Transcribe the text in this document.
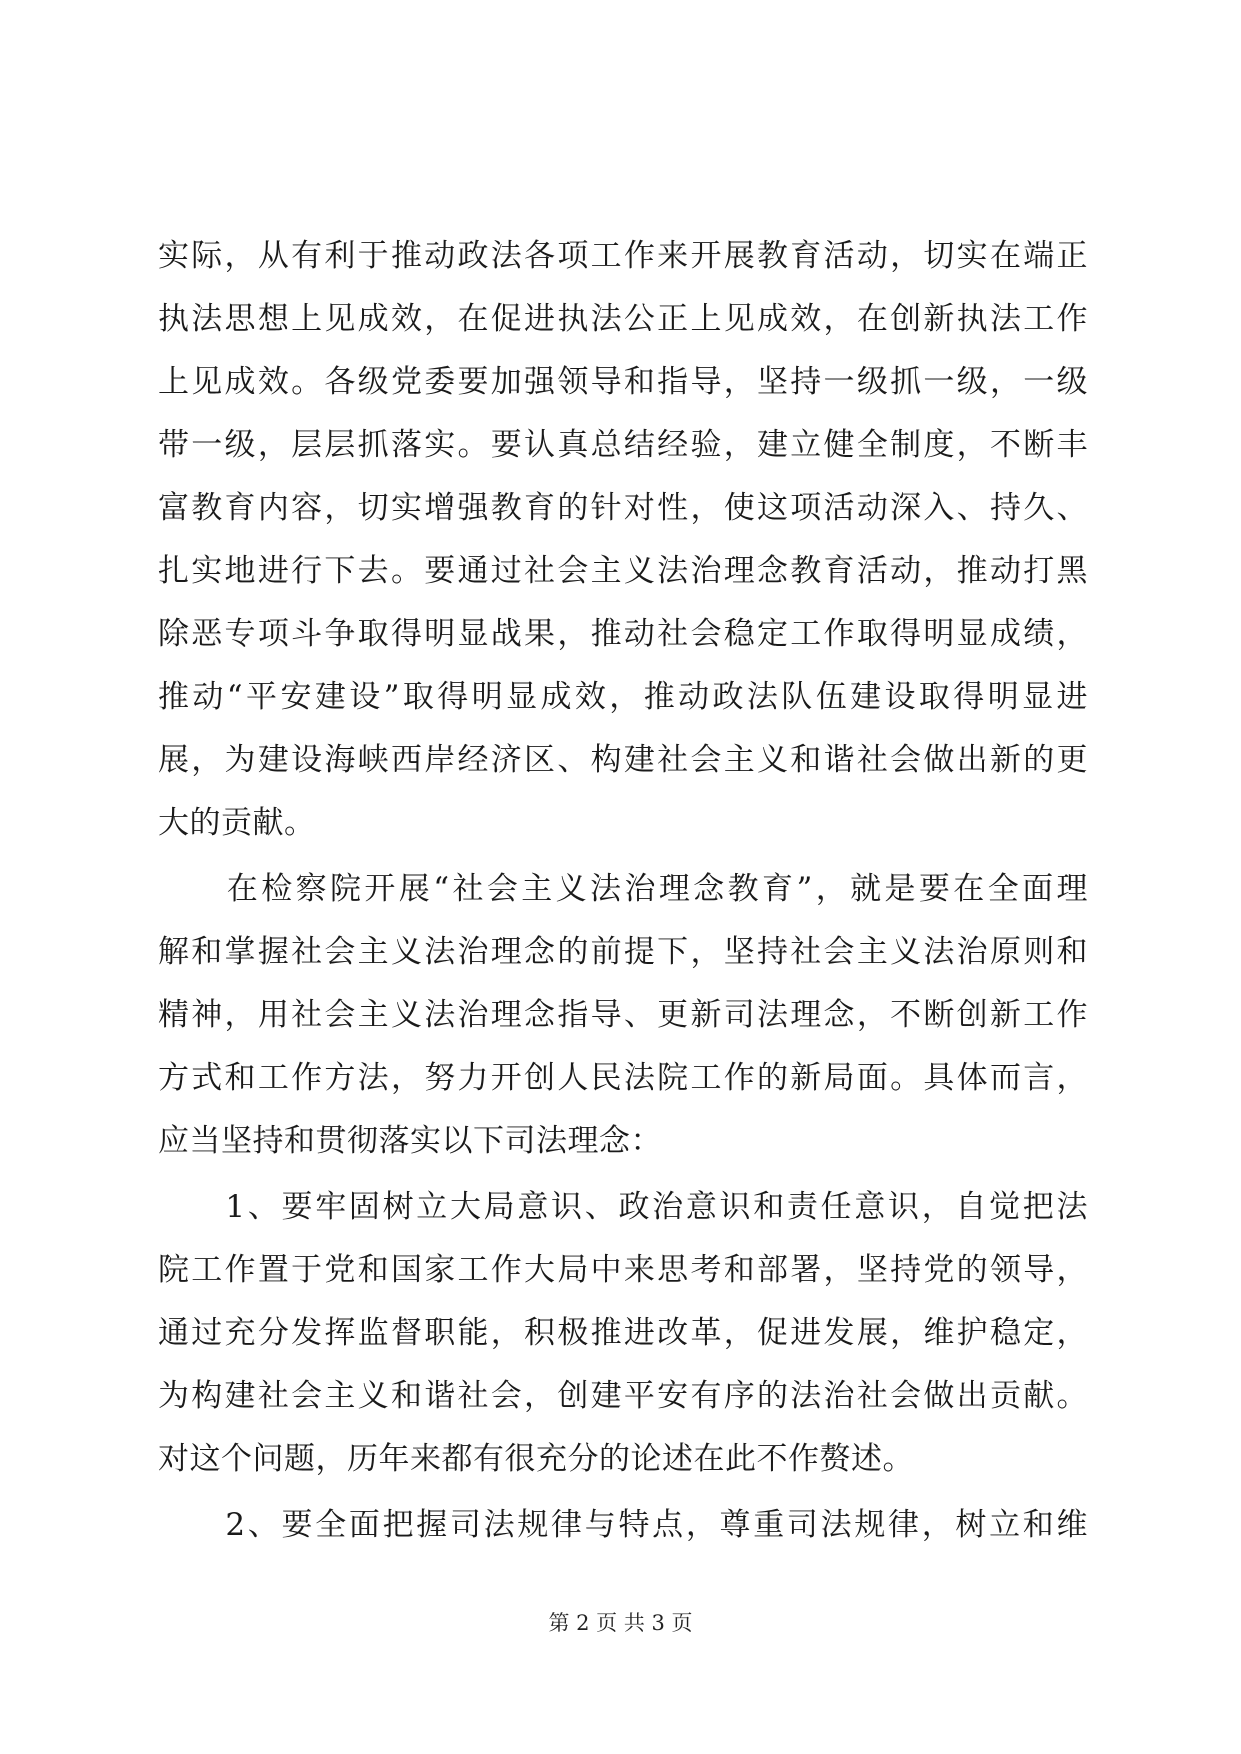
实际，从有利于推动政法各项工作来开展教育活动，切实在端正
执法思想上见成效，在促进执法公正上见成效，在创新执法工作
上见成效。各级党委要加强领导和指导，坚持一级抓一级，一级
带一级，层层抓落实。要认真总结经验，建立健全制度，不断丰
富教育内容，切实增强教育的针对性，使这项活动深入、持久、
扎实地进行下去。要通过社会主义法治理念教育活动，推动打黑
除恶专项斗争取得明显战果，推动社会稳定工作取得明显成绩，
推动“平安建设”取得明显成效，推动政法队伍建设取得明显进
展，为建设海峡西岸经济区、构建社会主义和谐社会做出新的更
大的贡献。
　　在检察院开展“社会主义法治理念教育”，就是要在全面理
解和掌握社会主义法治理念的前提下，坚持社会主义法治原则和
精神，用社会主义法治理念指导、更新司法理念，不断创新工作
方式和工作方法，努力开创人民法院工作的新局面。具体而言，
应当坚持和贯彻落实以下司法理念：
　　1、要牢固树立大局意识、政治意识和责任意识，自觉把法
院工作置于党和国家工作大局中来思考和部署，坚持党的领导，
通过充分发挥监督职能，积极推进改革，促进发展，维护稳定，
为构建社会主义和谐社会，创建平安有序的法治社会做出贡献。
对这个问题，历年来都有很充分的论述在此不作赘述。
　　2、要全面把握司法规律与特点，尊重司法规律，树立和维
第 2 页 共 3 页
